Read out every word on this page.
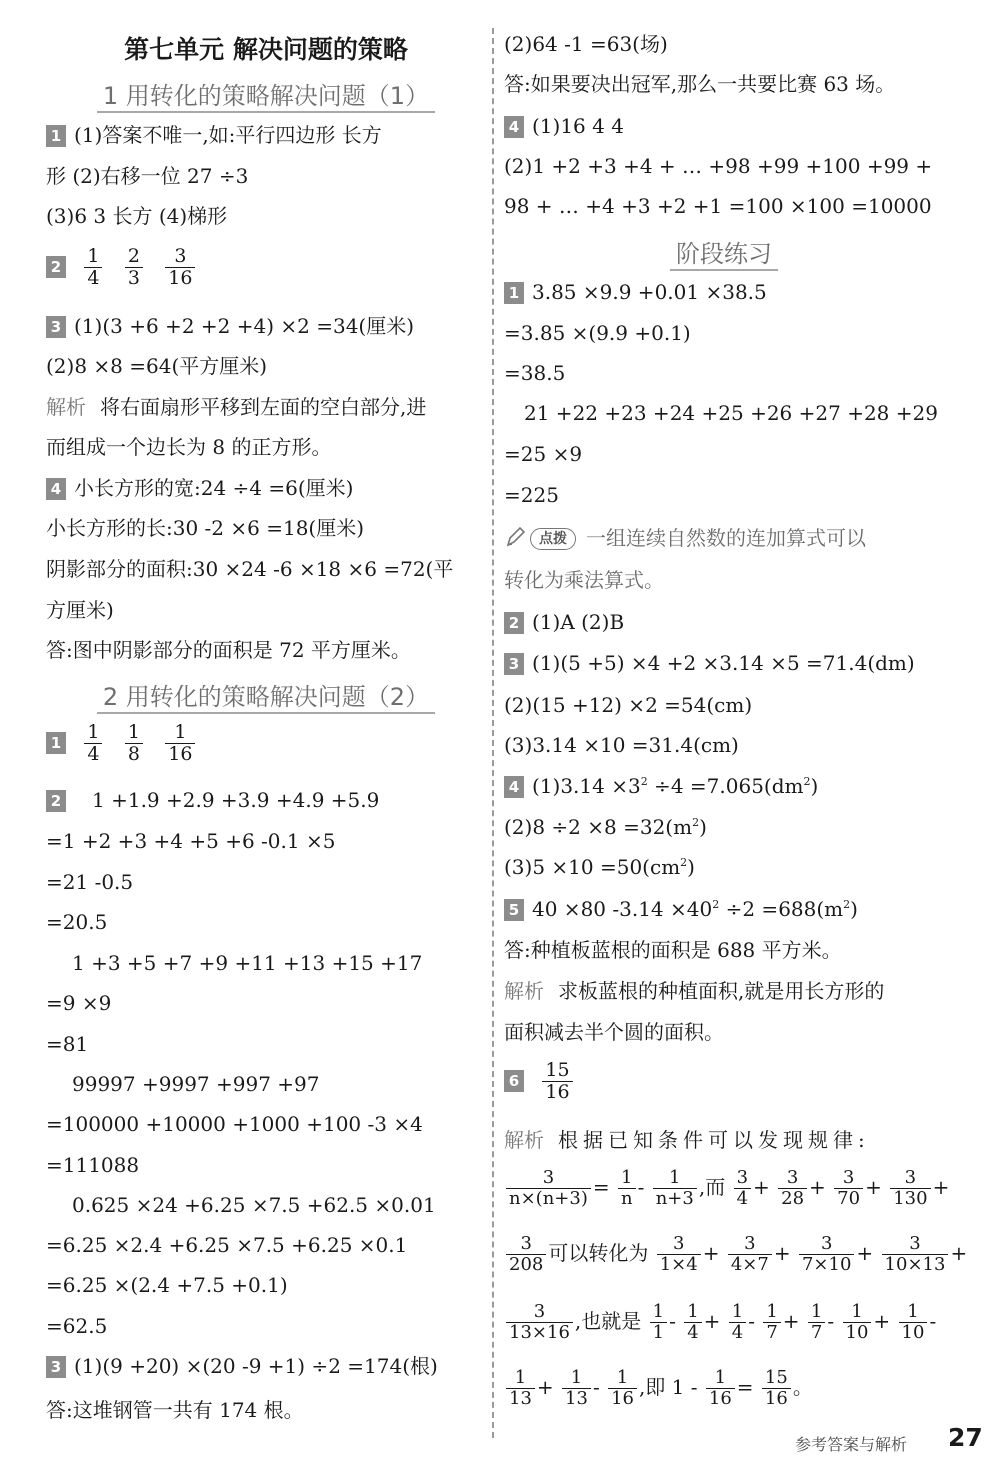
第七单元 解决问题的策略
1 用转化的策略解决问题（1）
1 (1)答案不唯一,如:平行四边形 长方
形 (2)右移一位 27 ÷3
(3)6 3 长方 (4)梯形
$2 \frac{1}{4}$
$\frac{2}{3}$
$\frac{3}{16}$
3 (1)(3 +6 +2 +2 +4) ×2 =34(厘米)
(2)8 ×8 =64(平方厘米)
解析 将右面扇形平移到左面的空白部分,进
而组成一个边长为 8 的正方形。
4 小长方形的宽:24 ÷4 =6(厘米)
小长方形的长:30 -2 ×6 =18(厘米)
阴影部分的面积:30 ×24 -6 ×18 ×6 =72(平
方厘米)
答:图中阴影部分的面积是 72 平方厘米。
2 用转化的策略解决问题（2）
$1 \frac{1}{4}$
$\frac{1}{8}$
$\frac{1}{16}$
2 1 +1.9 +2.9 +3.9 +4.9 +5.9
=1 +2 +3 +4 +5 +6 -0.1 ×5
=21 -0.5
=20.5
1 +3 +5 +7 +9 +11 +13 +15 +17
=9 ×9
=81
99997 +9997 +997 +97
=100000 +10000 +1000 +100 -3 ×4
=111088
0.625 ×24 +6.25 ×7.5 +62.5 ×0.01
=6.25 ×2.4 +6.25 ×7.5 +6.25 ×0.1
=6.25 ×(2.4 +7.5 +0.1)
=62.5
3 (1)(9 +20) ×(20 -9 +1) ÷2 =174(根)
答:这堆钢管一共有 174 根。
(2)64 -1 =63(场)
答:如果要决出冠军,那么一共要比赛 63 场。
4 (1)16 4 4
(2)1 +2 +3 +4 + … +98 +99 +100 +99 +
98 + … +4 +3 +2 +1 =100 ×100 =10000
阶段练习
1 3.85 ×9.9 +0.01 ×38.5
=3.85 ×(9.9 +0.1)
=38.5
21 +22 +23 +24 +25 +26 +27 +28 +29
=25 ×9
=225
点拨 一组连续自然数的连加算式可以
转化为乘法算式。
2 (1)A (2)B
3 (1)(5 +5) ×4 +2 ×3.14 ×5 =71.4(dm)
(2)(15 +12) ×2 =54(cm)
(3)3.14 ×10 =31.4(cm)
4 $(1)3.14 \times 3^2 \div 4 =7.065(dm^2)$
$(2)8 \div 2 \times 8 =32(m^2)$
$(3)5 \times 10 =50(cm^2)$
5 40 ×80 $-3.14 \times 40^2 \div 2 =688(m^2)$
答:种植板蓝根的面积是 688 平方米。
解析 求板蓝根的种植面积,就是用长方形的
面积减去半个圆的面积。
$6 \frac{15}{16}$
解析 根据已知条件可以发现规律:
$\frac{3}{n\times(n+3)} = \frac{1}{n} - \frac{1}{n+3}$ ,而 $\frac{3}{4} + \frac{3}{28} + \frac{3}{70} + \frac{3}{130}$ +
$\frac{3}{208}$ 可以转化为 $\frac{3}{1\times 4} + \frac{3}{4\times 7} + \frac{3}{7\times 10} + \frac{3}{10\times 13}$ +
$\frac{3}{13\times 16}$ ,也就是 $\frac{1}{1} - \frac{1}{4} + \frac{1}{4} - \frac{1}{7} + \frac{1}{7} - \frac{1}{10} + \frac{1}{10}$ -
$\frac{1}{13} + \frac{1}{13} - \frac{1}{16}$ ,即 $1 - \frac{1}{16} = \frac{15}{16}$ 。
参考答案与解析 27
